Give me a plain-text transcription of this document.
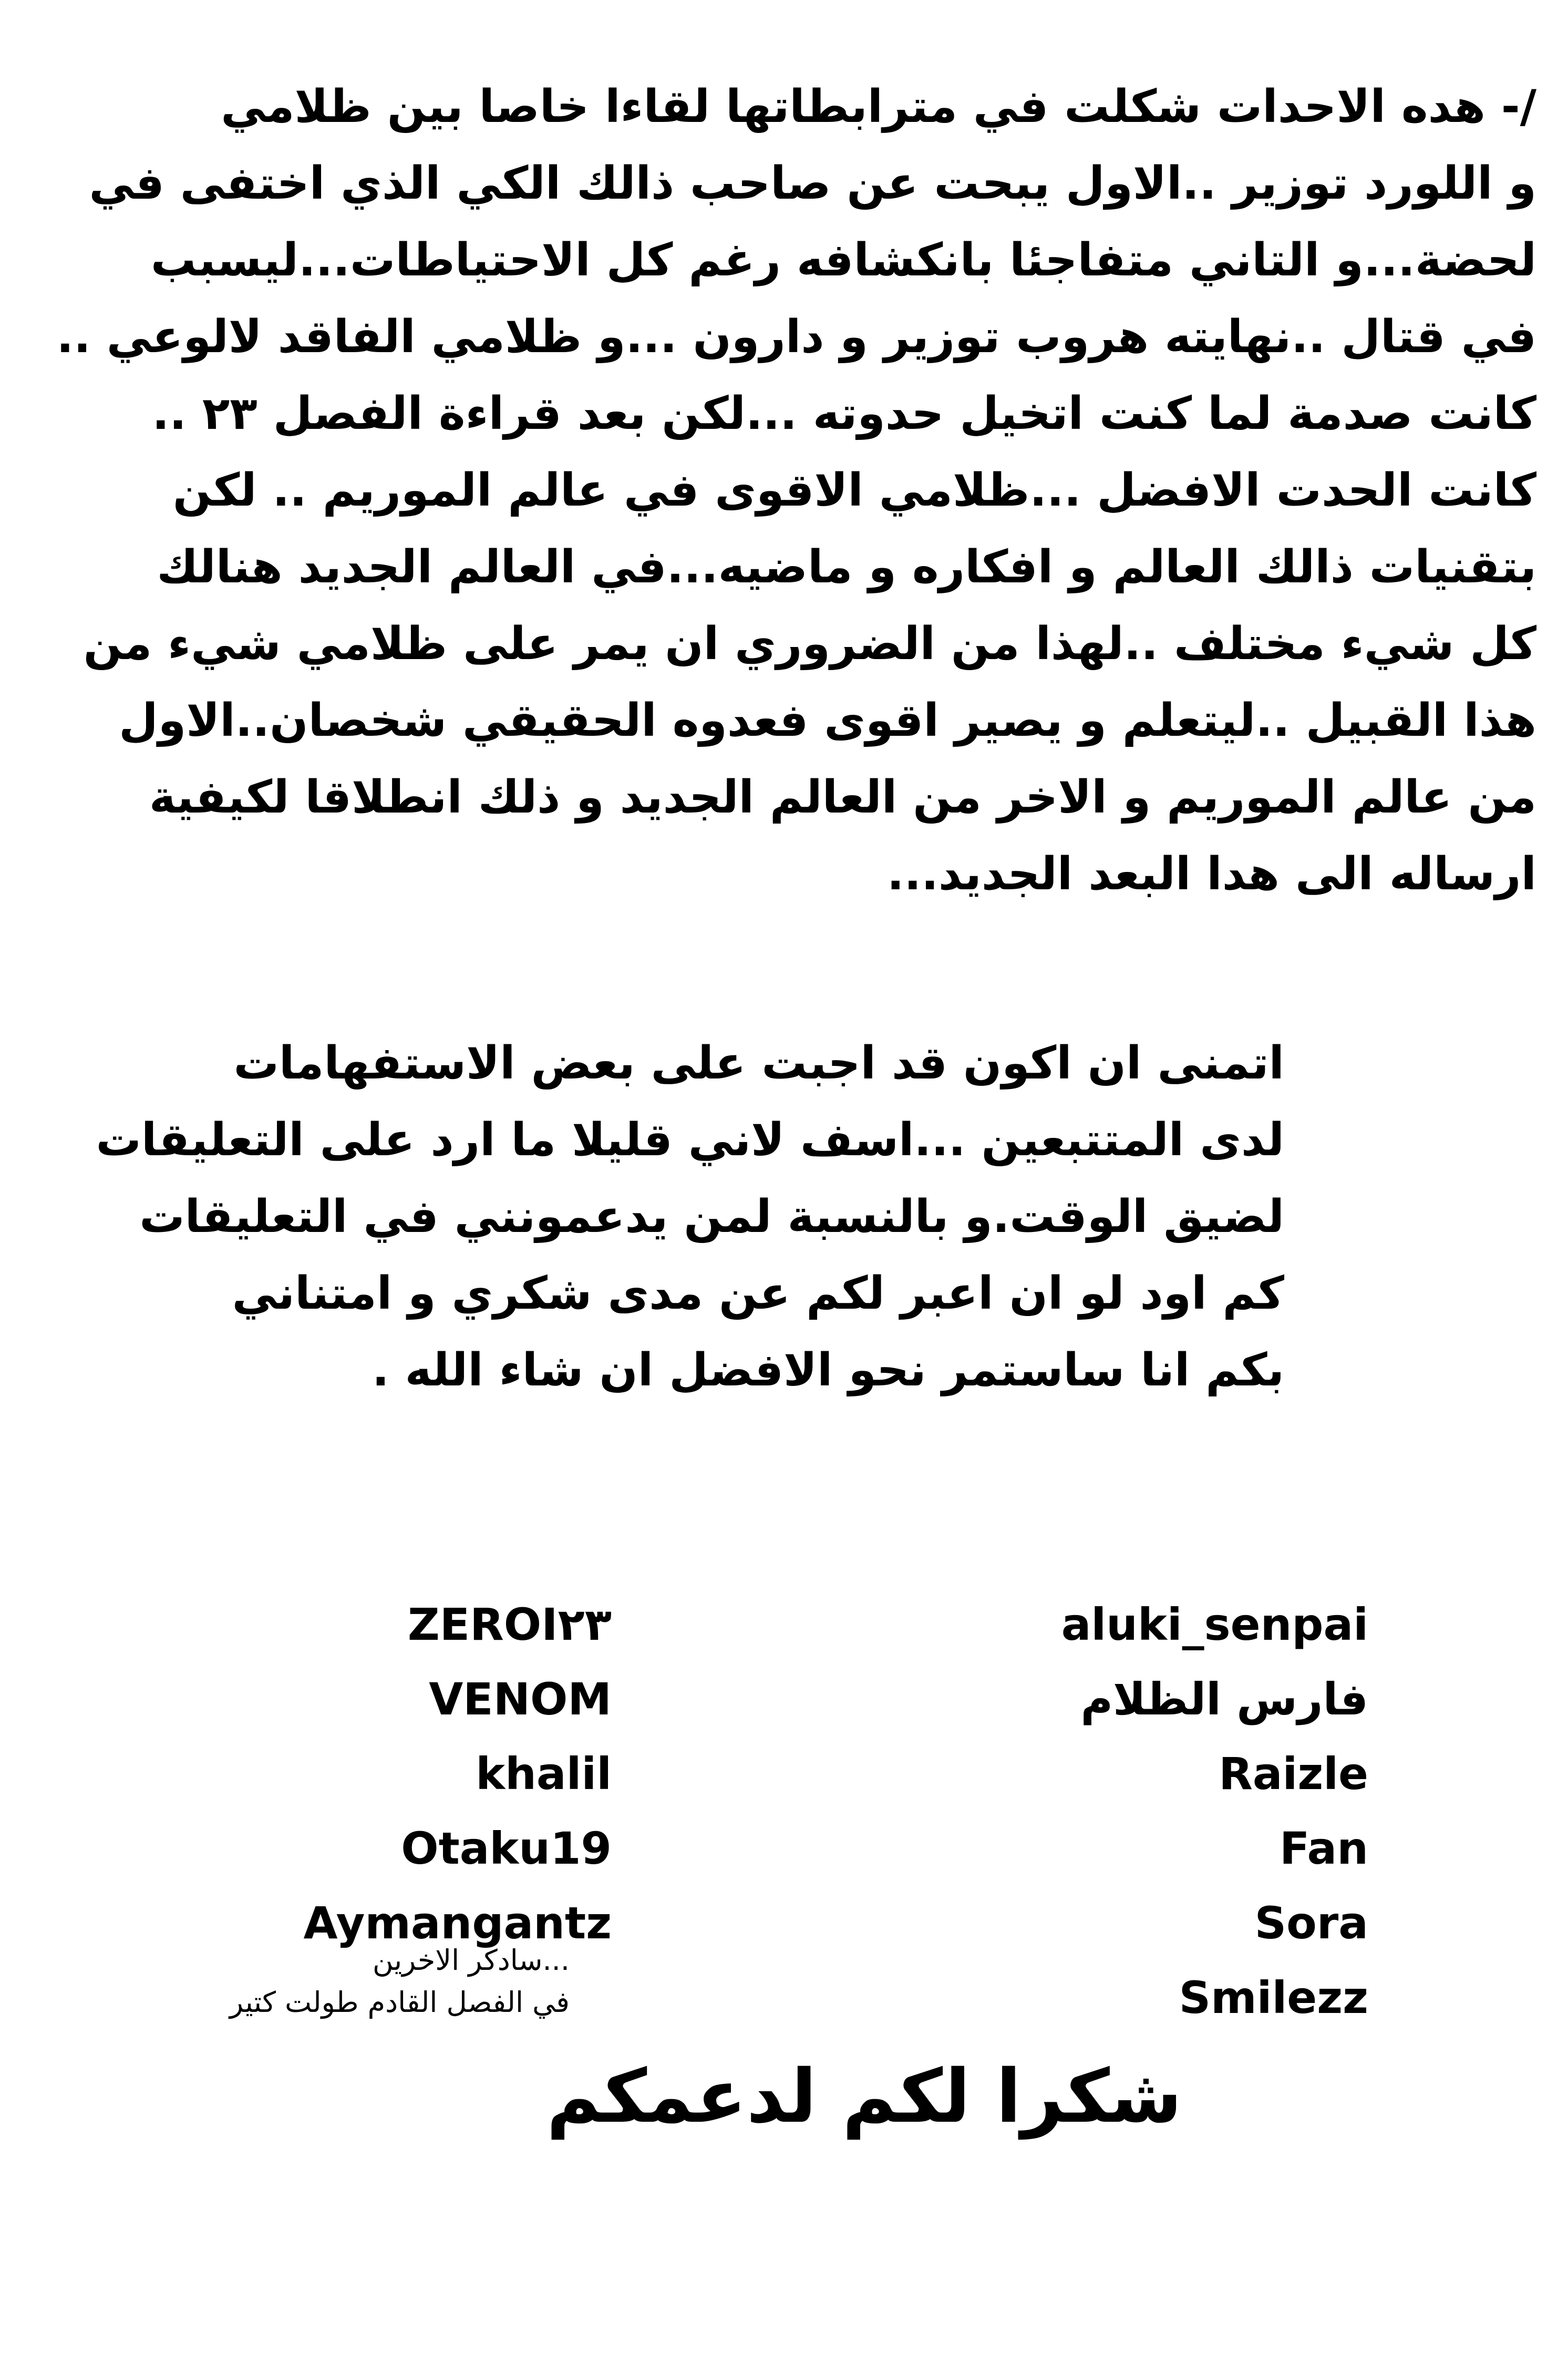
/- هده الاحدات شكلت في مترابطاتها لقاءا خاصا بين ظلامي
و اللورد توزير ..الاول يبحت عن صاحب ذالك الكي الذي اختفى في
لحضة...و التاني متفاجئا بانكشافه رغم كل الاحتياطات...ليسبب
في قتال ..نهايته هروب توزير و دارون ...و ظلامي الفاقد لالوعي ..
كانت صدمة لما كنت اتخيل حدوته ...لكن بعد قراءة الفصل ٢٣ ..
كانت الحدت الافضل ...ظلامي الاقوى في عالم الموريم .. لكن
بتقنيات ذالك العالم و افكاره و ماضيه...في العالم الجديد هنالك
كل شيء مختلف ..لهذا من الضروري ان يمر على ظلامي شيء من
هذا القبيل ..ليتعلم و يصير اقوى فعدوه الحقيقي شخصان..الاول
من عالم الموريم و الاخر من العالم الجديد و ذلك انطلاقا لكيفية
ارساله الى هدا البعد الجديد...
اتمنى ان اكون قد اجبت على بعض الاستفهامات
لدى المتتبعين ...اسف لاني قليلا ما ارد على التعليقات
لضيق الوقت.و بالنسبة لمن يدعمونني في التعليقات
كم اود لو ان اعبر لكم عن مدى شكري و امتناني
بكم انا ساستمر نحو الافضل ان شاء الله .
ZEROI٢٣
VENOM
khalil
Otaku19
Aymangantz
...سادكر الاخرين
في الفصل القادم طولت كتير
aluki_senpai
فارس الظلام
Raizle
Fan
Sora
Smilezz
شكرا لكم لدعمكم
